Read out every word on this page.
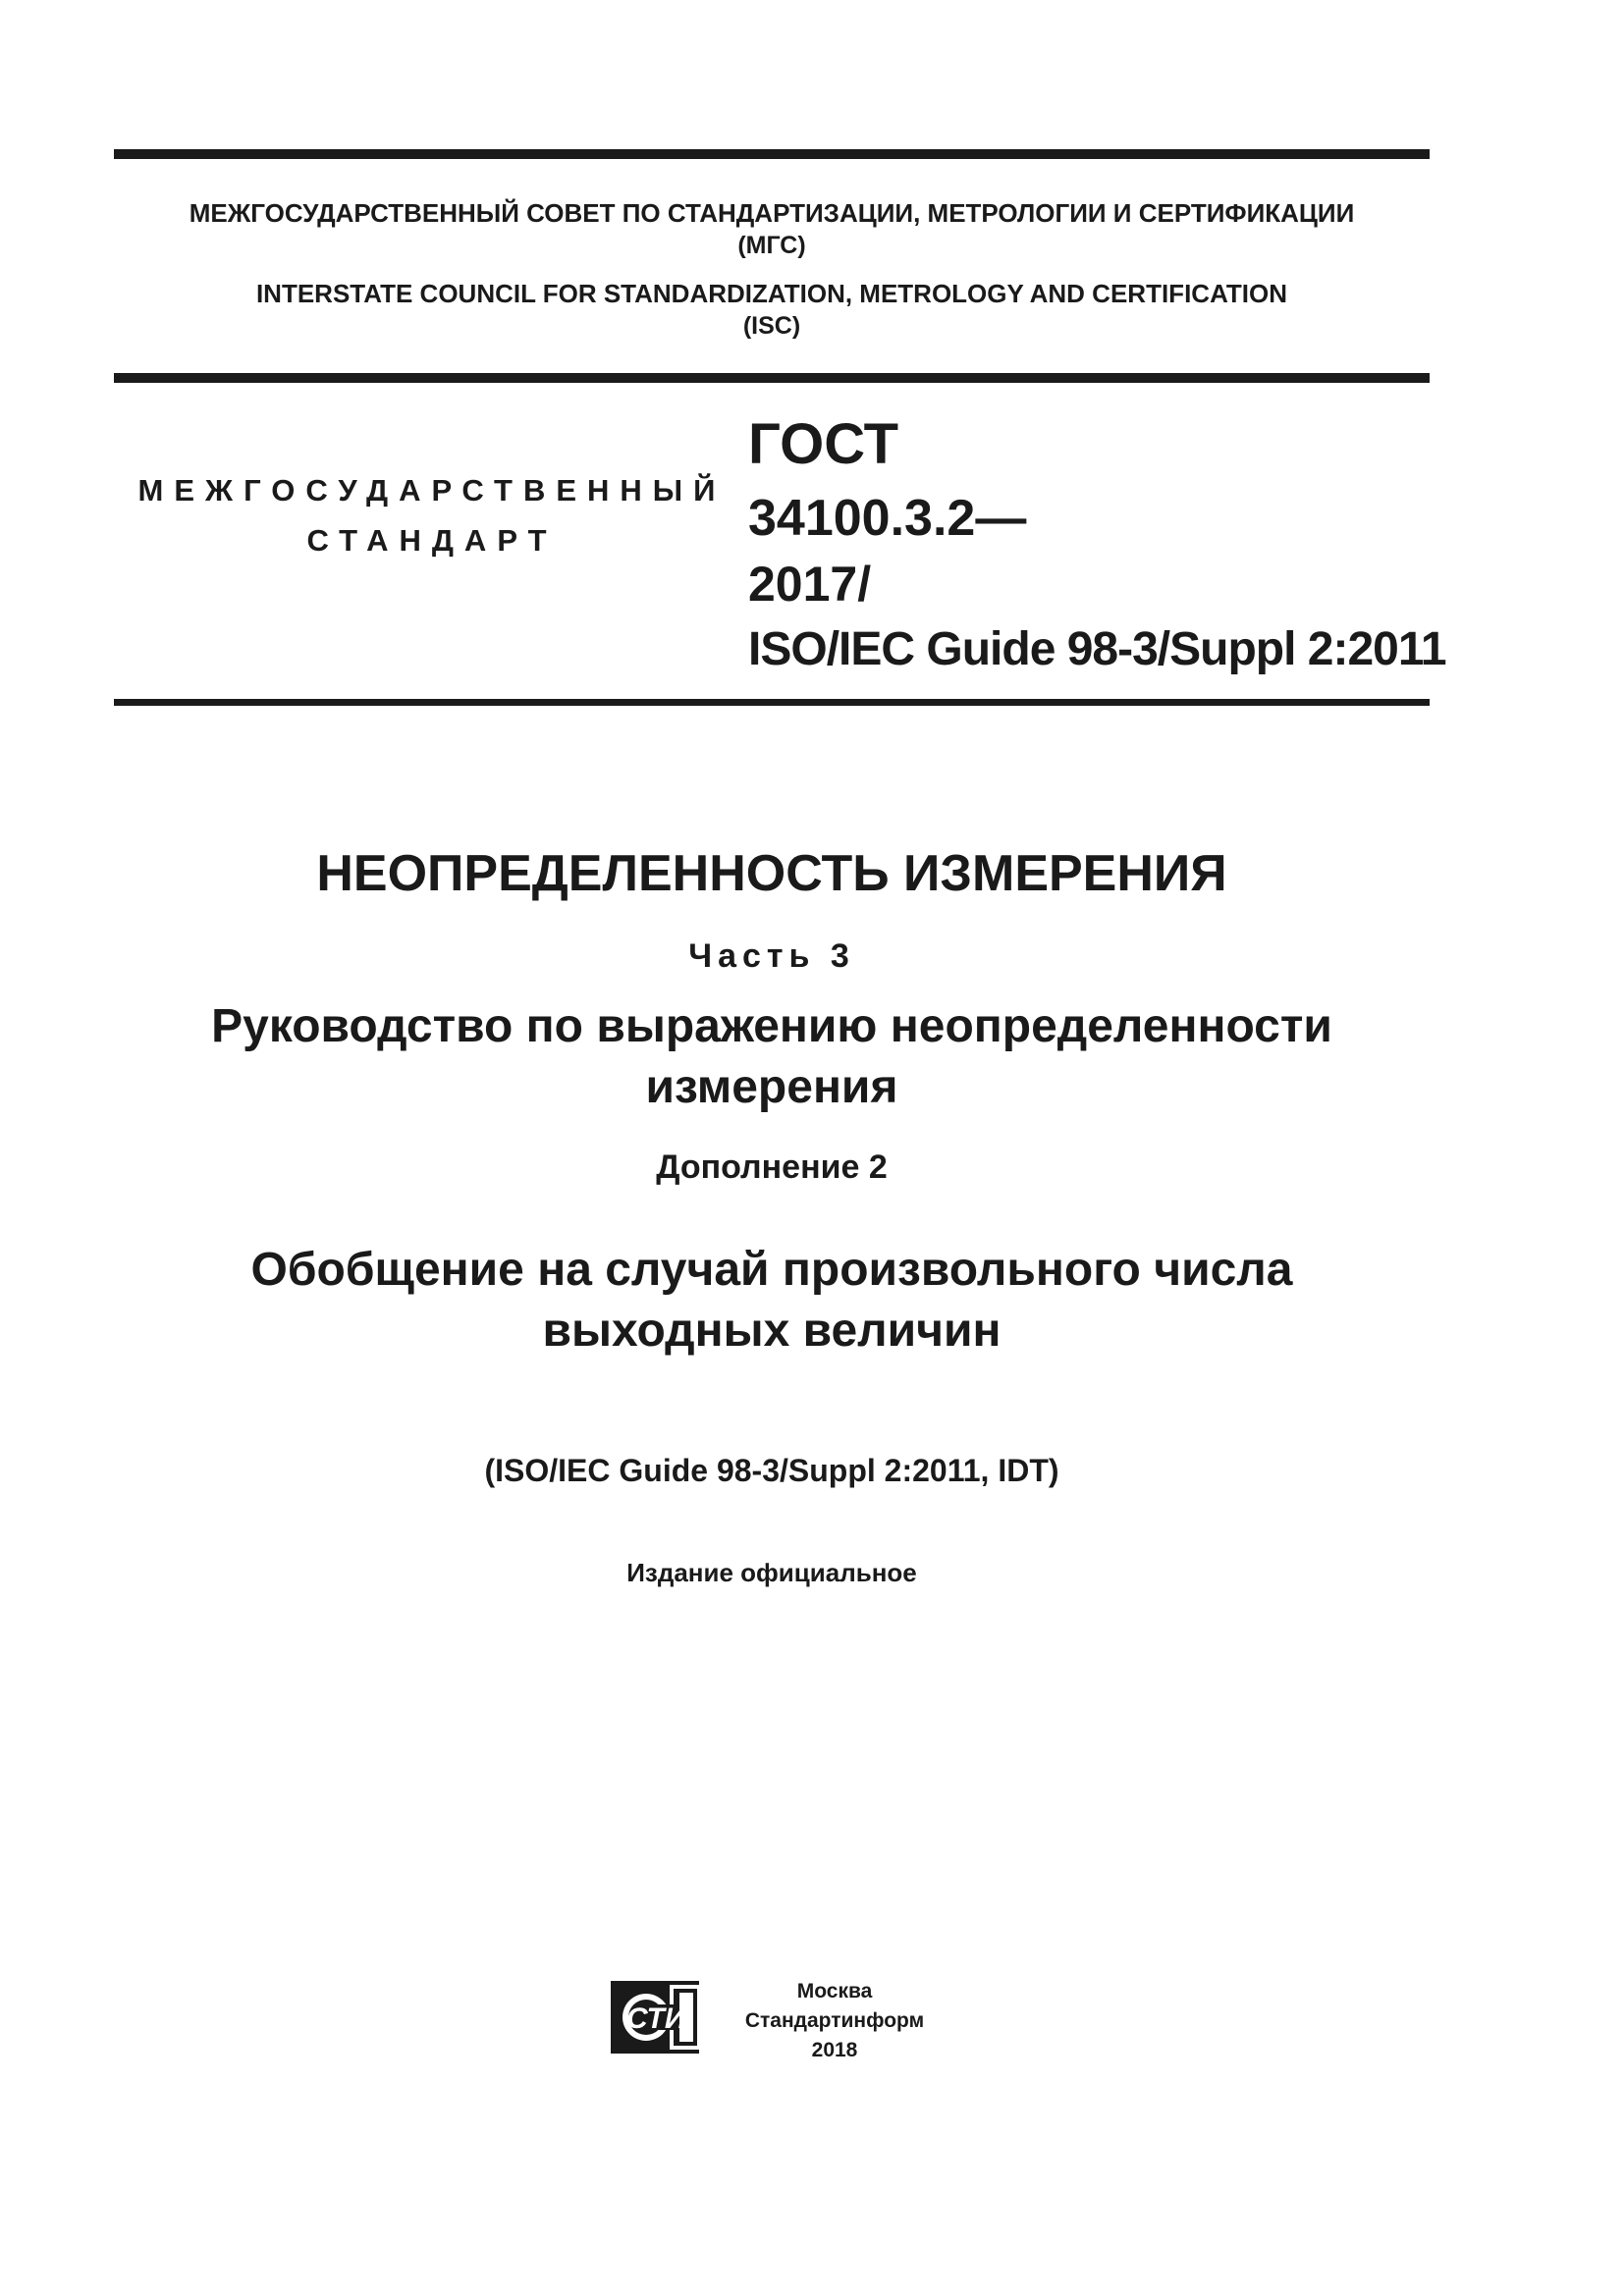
МЕЖГОСУДАРСТВЕННЫЙ СОВЕТ ПО СТАНДАРТИЗАЦИИ, МЕТРОЛОГИИ И СЕРТИФИКАЦИИ
(МГС)
INTERSTATE COUNCIL FOR STANDARDIZATION, METROLOGY AND CERTIFICATION
(ISC)
МЕЖГОСУДАРСТВЕННЫЙ
СТАНДАРТ
ГОСТ
34100.3.2—
2017/
ISO/IEC Guide 98-3/Suppl 2:2011
НЕОПРЕДЕЛЕННОСТЬ ИЗМЕРЕНИЯ
Часть 3
Руководство по выражению неопределенности
измерения
Дополнение 2
Обобщение на случай произвольного числа
выходных величин
(ISO/IEC Guide 98-3/Suppl 2:2011, IDT)
Издание официальное
СТИ
Москва
Стандартинформ
2018
